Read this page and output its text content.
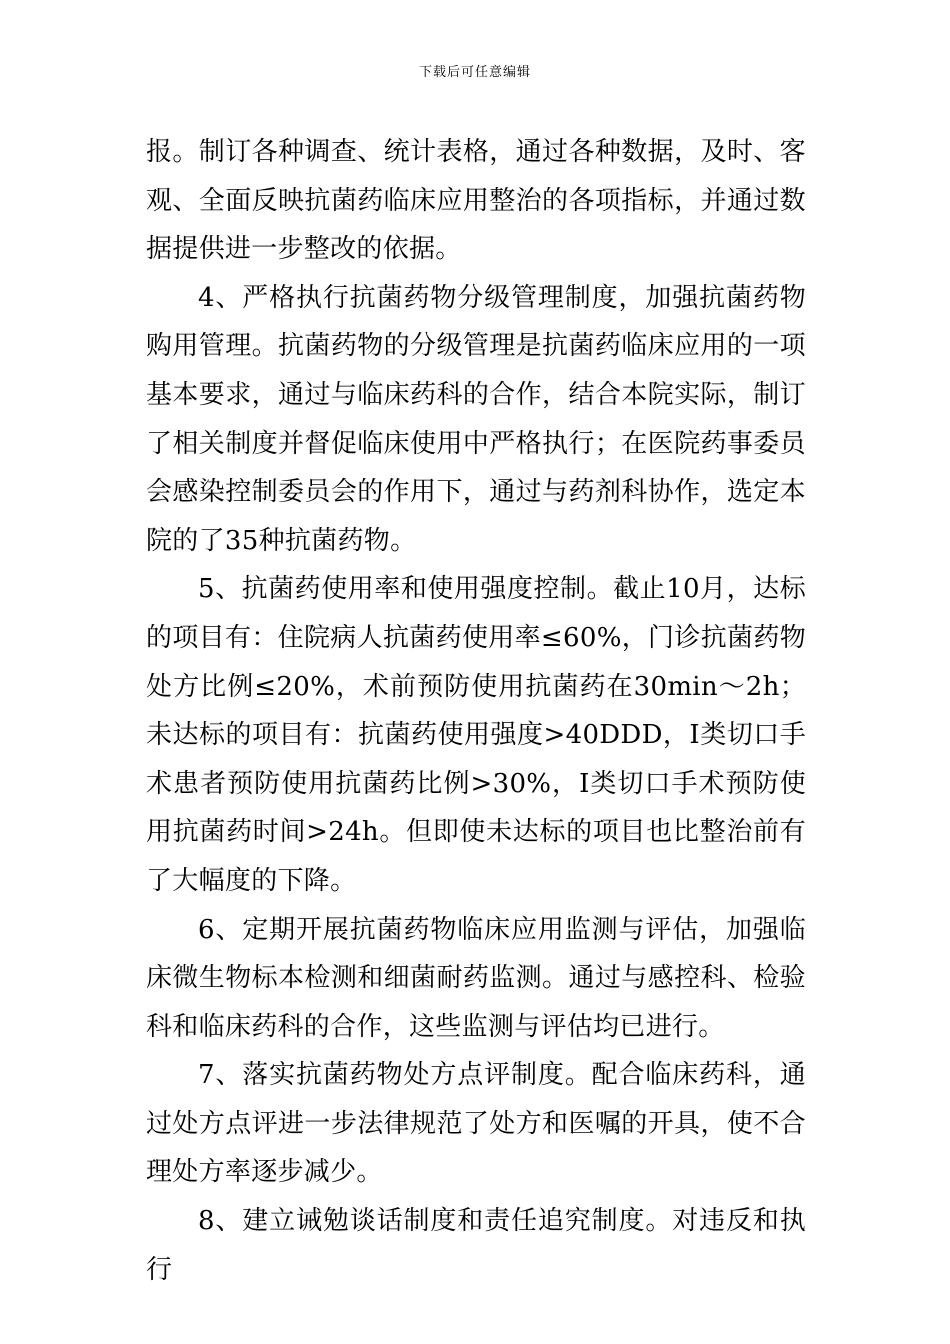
下载后可任意编辑

报。制订各种调查、统计表格，通过各种数据，及时、客观、全面反映抗菌药临床应用整治的各项指标，并通过数据提供进一步整改的依据。

4、严格执行抗菌药物分级管理制度，加强抗菌药物购用管理。抗菌药物的分级管理是抗菌药临床应用的一项基本要求，通过与临床药科的合作，结合本院实际，制订了相关制度并督促临床使用中严格执行；在医院药事委员会感染控制委员会的作用下，通过与药剂科协作，选定本院的了35种抗菌药物。

5、抗菌药使用率和使用强度控制。截止10月，达标的项目有：住院病人抗菌药使用率≤60%，门诊抗菌药物处方比例≤20%，术前预防使用抗菌药在30min～2h；未达标的项目有：抗菌药使用强度>40DDD，I类切口手术患者预防使用抗菌药比例>30%，I类切口手术预防使用抗菌药时间>24h。但即使未达标的项目也比整治前有了大幅度的下降。

6、定期开展抗菌药物临床应用监测与评估，加强临床微生物标本检测和细菌耐药监测。通过与感控科、检验科和临床药科的合作，这些监测与评估均已进行。

7、落实抗菌药物处方点评制度。配合临床药科，通过处方点评进一步法律规范了处方和医嘱的开具，使不合理处方率逐步减少。

8、建立诫勉谈话制度和责任追究制度。对违反和执行
